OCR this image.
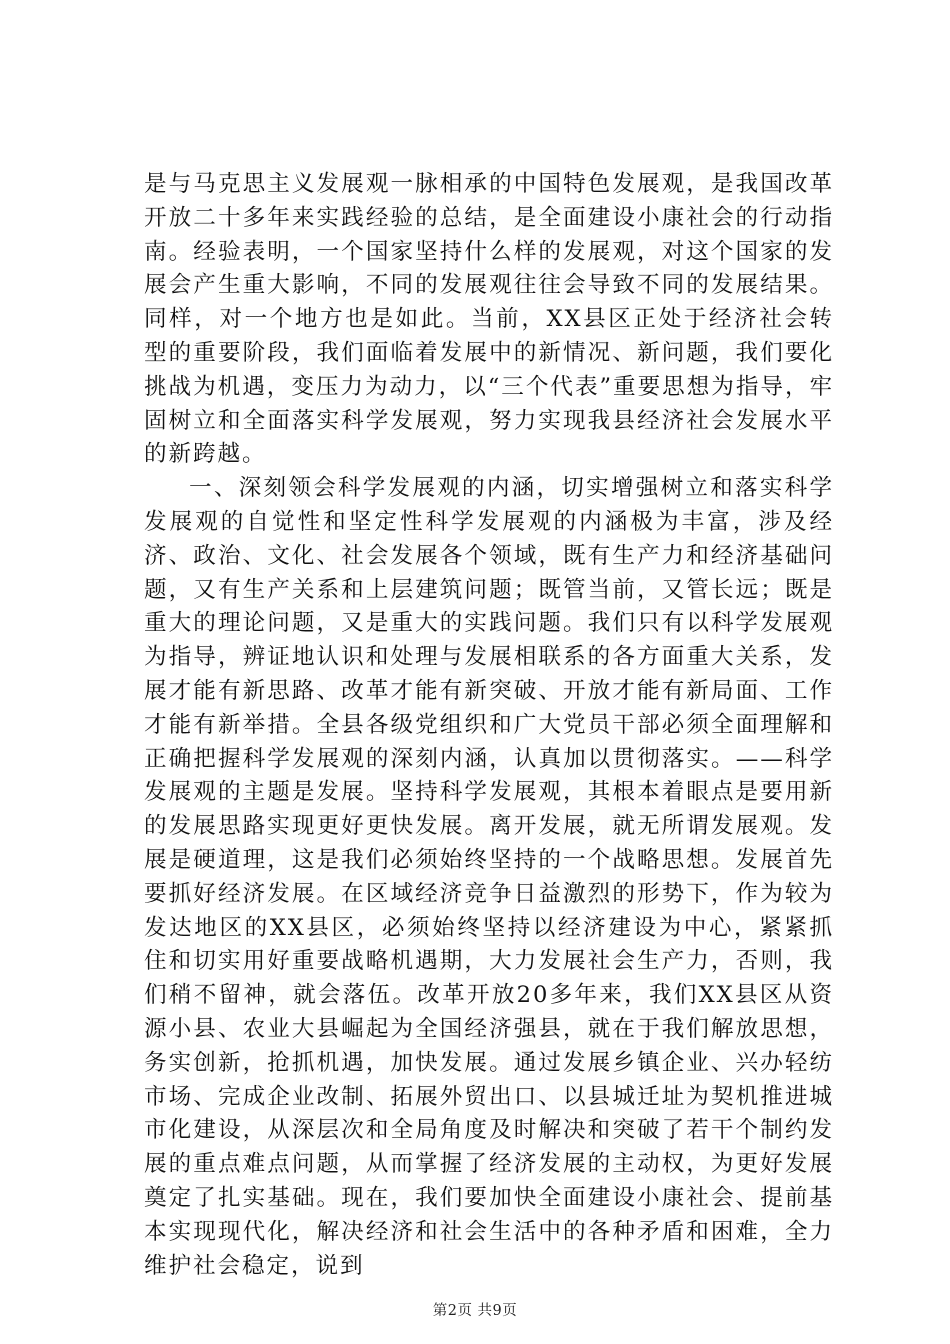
是与马克思主义发展观一脉相承的中国特色发展观，是我国改革开放二十多年来实践经验的总结，是全面建设小康社会的行动指南。经验表明，一个国家坚持什么样的发展观，对这个国家的发展会产生重大影响，不同的发展观往往会导致不同的发展结果。同样，对一个地方也是如此。当前，XX县区正处于经济社会转型的重要阶段，我们面临着发展中的新情况、新问题，我们要化挑战为机遇，变压力为动力，以“三个代表”重要思想为指导，牢固树立和全面落实科学发展观，努力实现我县经济社会发展水平的新跨越。

一、深刻领会科学发展观的内涵，切实增强树立和落实科学发展观的自觉性和坚定性科学发展观的内涵极为丰富，涉及经济、政治、文化、社会发展各个领域，既有生产力和经济基础问题，又有生产关系和上层建筑问题；既管当前，又管长远；既是重大的理论问题，又是重大的实践问题。我们只有以科学发展观为指导，辨证地认识和处理与发展相联系的各方面重大关系，发展才能有新思路、改革才能有新突破、开放才能有新局面、工作才能有新举措。全县各级党组织和广大党员干部必须全面理解和正确把握科学发展观的深刻内涵，认真加以贯彻落实。——科学发展观的主题是发展。坚持科学发展观，其根本着眼点是要用新的发展思路实现更好更快发展。离开发展，就无所谓发展观。发展是硬道理，这是我们必须始终坚持的一个战略思想。发展首先要抓好经济发展。在区域经济竞争日益激烈的形势下，作为较为发达地区的XX县区，必须始终坚持以经济建设为中心，紧紧抓住和切实用好重要战略机遇期，大力发展社会生产力，否则，我们稍不留神，就会落伍。改革开放20多年来，我们XX县区从资源小县、农业大县崛起为全国经济强县，就在于我们解放思想，务实创新，抢抓机遇，加快发展。通过发展乡镇企业、兴办轻纺市场、完成企业改制、拓展外贸出口、以县城迁址为契机推进城市化建设，从深层次和全局角度及时解决和突破了若干个制约发展的重点难点问题，从而掌握了经济发展的主动权，为更好发展奠定了扎实基础。现在，我们要加快全面建设小康社会、提前基本实现现代化，解决经济和社会生活中的各种矛盾和困难，全力维护社会稳定，说到

第2页 共9页
